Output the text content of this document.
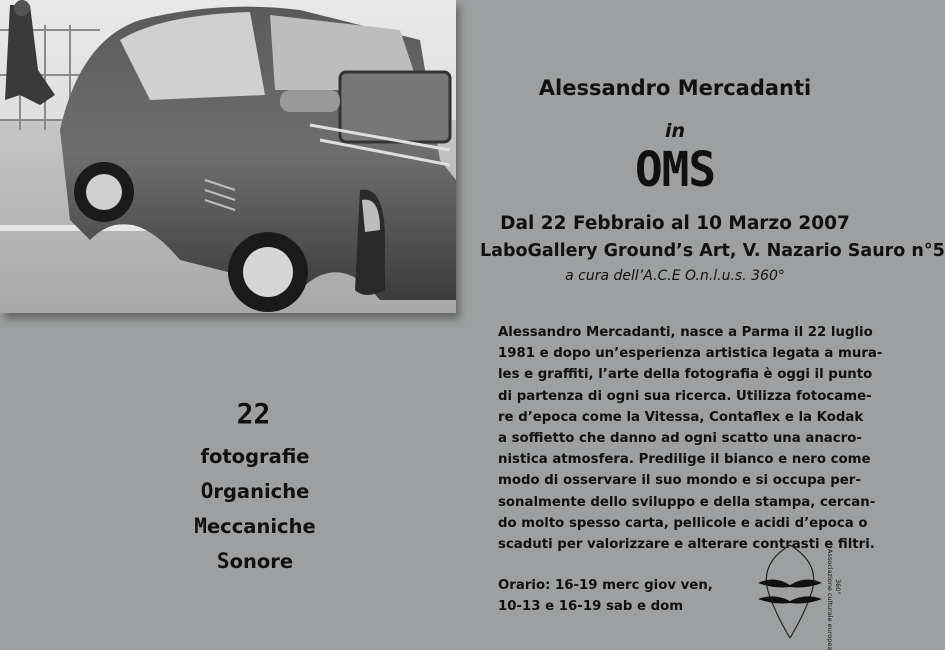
Alessandro Mercadanti
in
OMS
Dal 22 Febbraio al 10 Marzo 2007
LaboGallery Ground’s Art, V. Nazario Sauro n°5
a cura dell’A.C.E O.n.l.u.s. 360°
Alessandro Mercadanti, nasce a Parma il 22 luglio
1981 e dopo un’esperienza artistica legata a mura-
les e graffiti, l’arte della fotografia è oggi il punto
di partenza di ogni sua ricerca. Utilizza fotocame-
re d’epoca come la Vitessa, Contaflex e la Kodak
a soffietto che danno ad ogni scatto una anacro-
nistica atmosfera. Predilige il bianco e nero come
modo di osservare il suo mondo e si occupa per-
sonalmente dello sviluppo e della stampa, cercan-
do molto spesso carta, pellicole e acidi d’epoca o
scaduti per valorizzare e alterare contrasti e filtri.
22
fotografie
Organiche
Meccaniche
Sonore
Orario: 16-19 merc giov ven,
10-13 e 16-19 sab e dom	Associazione culturale europea 360°
